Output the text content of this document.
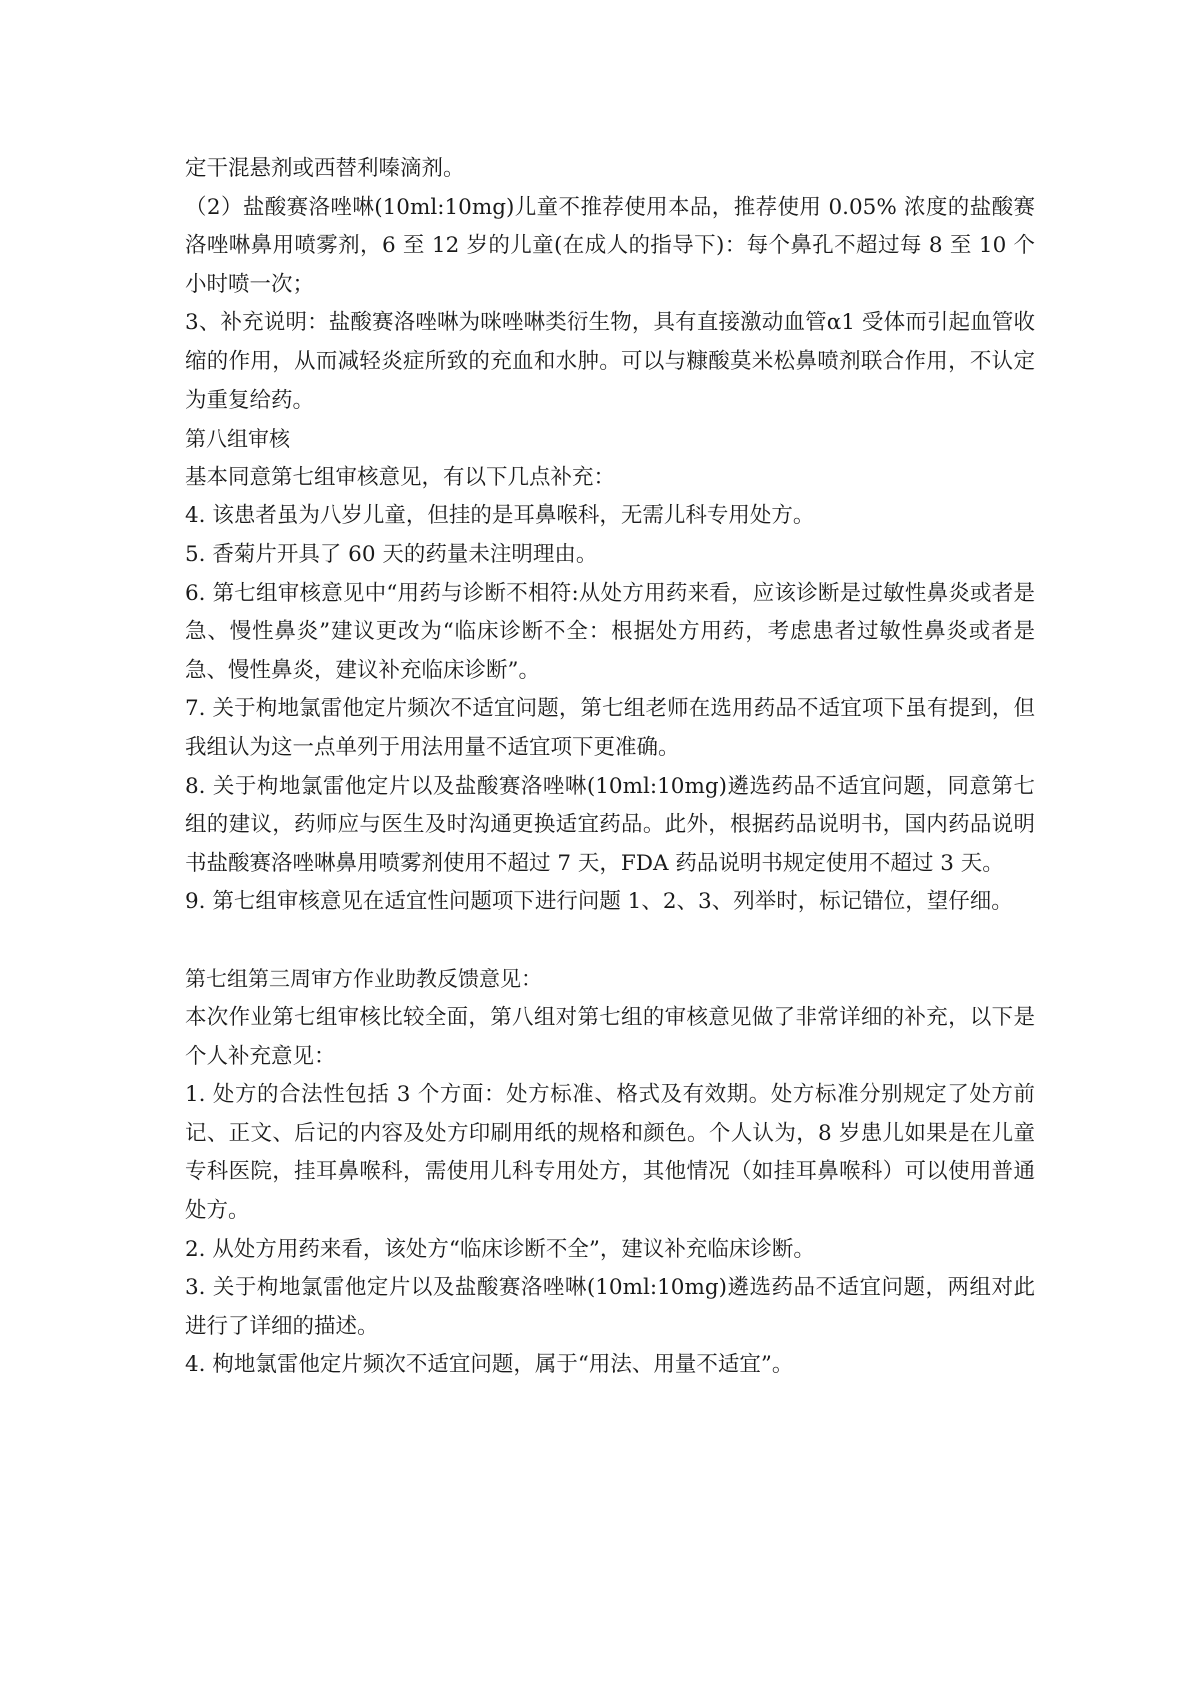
定干混悬剂或西替利嗪滴剂。

（2）盐酸赛洛唑啉(10ml:10mg)儿童不推荐使用本品，推荐使用 0.05% 浓度的盐酸赛洛唑啉鼻用喷雾剂，6 至 12 岁的儿童(在成人的指导下)：每个鼻孔不超过每 8 至 10 个小时喷一次；

3、补充说明：盐酸赛洛唑啉为咪唑啉类衍生物，具有直接激动血管α1 受体而引起血管收缩的作用，从而减轻炎症所致的充血和水肿。可以与糠酸莫米松鼻喷剂联合作用，不认定为重复给药。

第八组审核

基本同意第七组审核意见，有以下几点补充：

4. 该患者虽为八岁儿童，但挂的是耳鼻喉科，无需儿科专用处方。

5. 香菊片开具了 60 天的药量未注明理由。

6. 第七组审核意见中“用药与诊断不相符:从处方用药来看，应该诊断是过敏性鼻炎或者是急、慢性鼻炎”建议更改为“临床诊断不全：根据处方用药，考虑患者过敏性鼻炎或者是急、慢性鼻炎，建议补充临床诊断”。

7. 关于枸地氯雷他定片频次不适宜问题，第七组老师在选用药品不适宜项下虽有提到，但我组认为这一点单列于用法用量不适宜项下更准确。

8. 关于枸地氯雷他定片以及盐酸赛洛唑啉(10ml:10mg)遴选药品不适宜问题，同意第七组的建议，药师应与医生及时沟通更换适宜药品。此外，根据药品说明书，国内药品说明书盐酸赛洛唑啉鼻用喷雾剂使用不超过 7 天，FDA 药品说明书规定使用不超过 3 天。

9. 第七组审核意见在适宜性问题项下进行问题 1、2、3、列举时，标记错位，望仔细。

第七组第三周审方作业助教反馈意见：

本次作业第七组审核比较全面，第八组对第七组的审核意见做了非常详细的补充，以下是个人补充意见：

1. 处方的合法性包括 3 个方面：处方标准、格式及有效期。处方标准分别规定了处方前记、正文、后记的内容及处方印刷用纸的规格和颜色。个人认为，8 岁患儿如果是在儿童专科医院，挂耳鼻喉科，需使用儿科专用处方，其他情况（如挂耳鼻喉科）可以使用普通处方。

2. 从处方用药来看，该处方“临床诊断不全”，建议补充临床诊断。

3. 关于枸地氯雷他定片以及盐酸赛洛唑啉(10ml:10mg)遴选药品不适宜问题，两组对此进行了详细的描述。

4. 枸地氯雷他定片频次不适宜问题，属于“用法、用量不适宜”。
